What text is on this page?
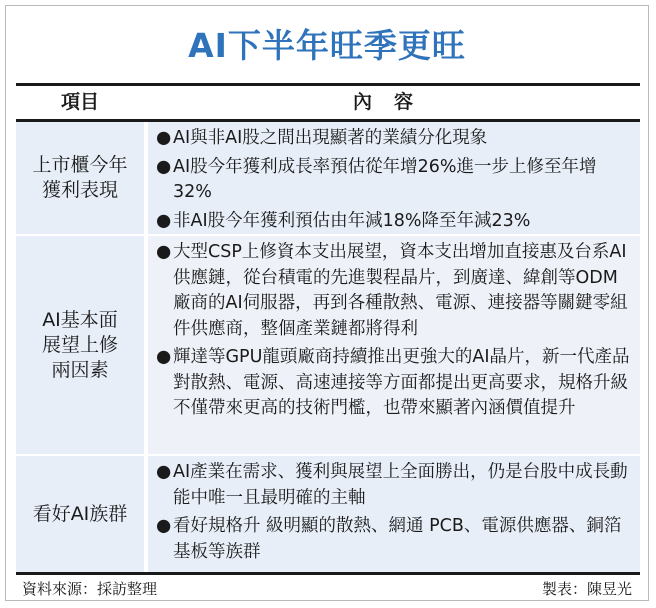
AI下半年旺季更旺
項目	內容
上市櫃今年
獲利表現
● AI與非AI股之間出現顯著的業績分化現象
● AI股今年獲利成長率預估從年增26%進一步上修至年增32%
● 非AI股今年獲利預估由年減18%降至年減23%
AI基本面
展望上修
兩因素
● 大型CSP上修資本支出展望，資本支出增加直接惠及台系AI供應鏈，從台積電的先進製程晶片，到廣達、緯創等ODM廠商的AI伺服器，再到各種散熱、電源、連接器等關鍵零組件供應商，整個產業鏈都將得利
● 輝達等GPU龍頭廠商持續推出更強大的AI晶片，新一代產品對散熱、電源、高速連接等方面都提出更高要求，規格升級不僅帶來更高的技術門檻，也帶來顯著內涵價值提升
看好AI族群
● AI產業在需求、獲利與展望上全面勝出，仍是台股中成長動能中唯一且最明確的主軸
● 看好規格升 級明顯的散熱、網通 PCB、電源供應器、銅箔基板等族群
資料來源：採訪整理	製表：陳昱光
